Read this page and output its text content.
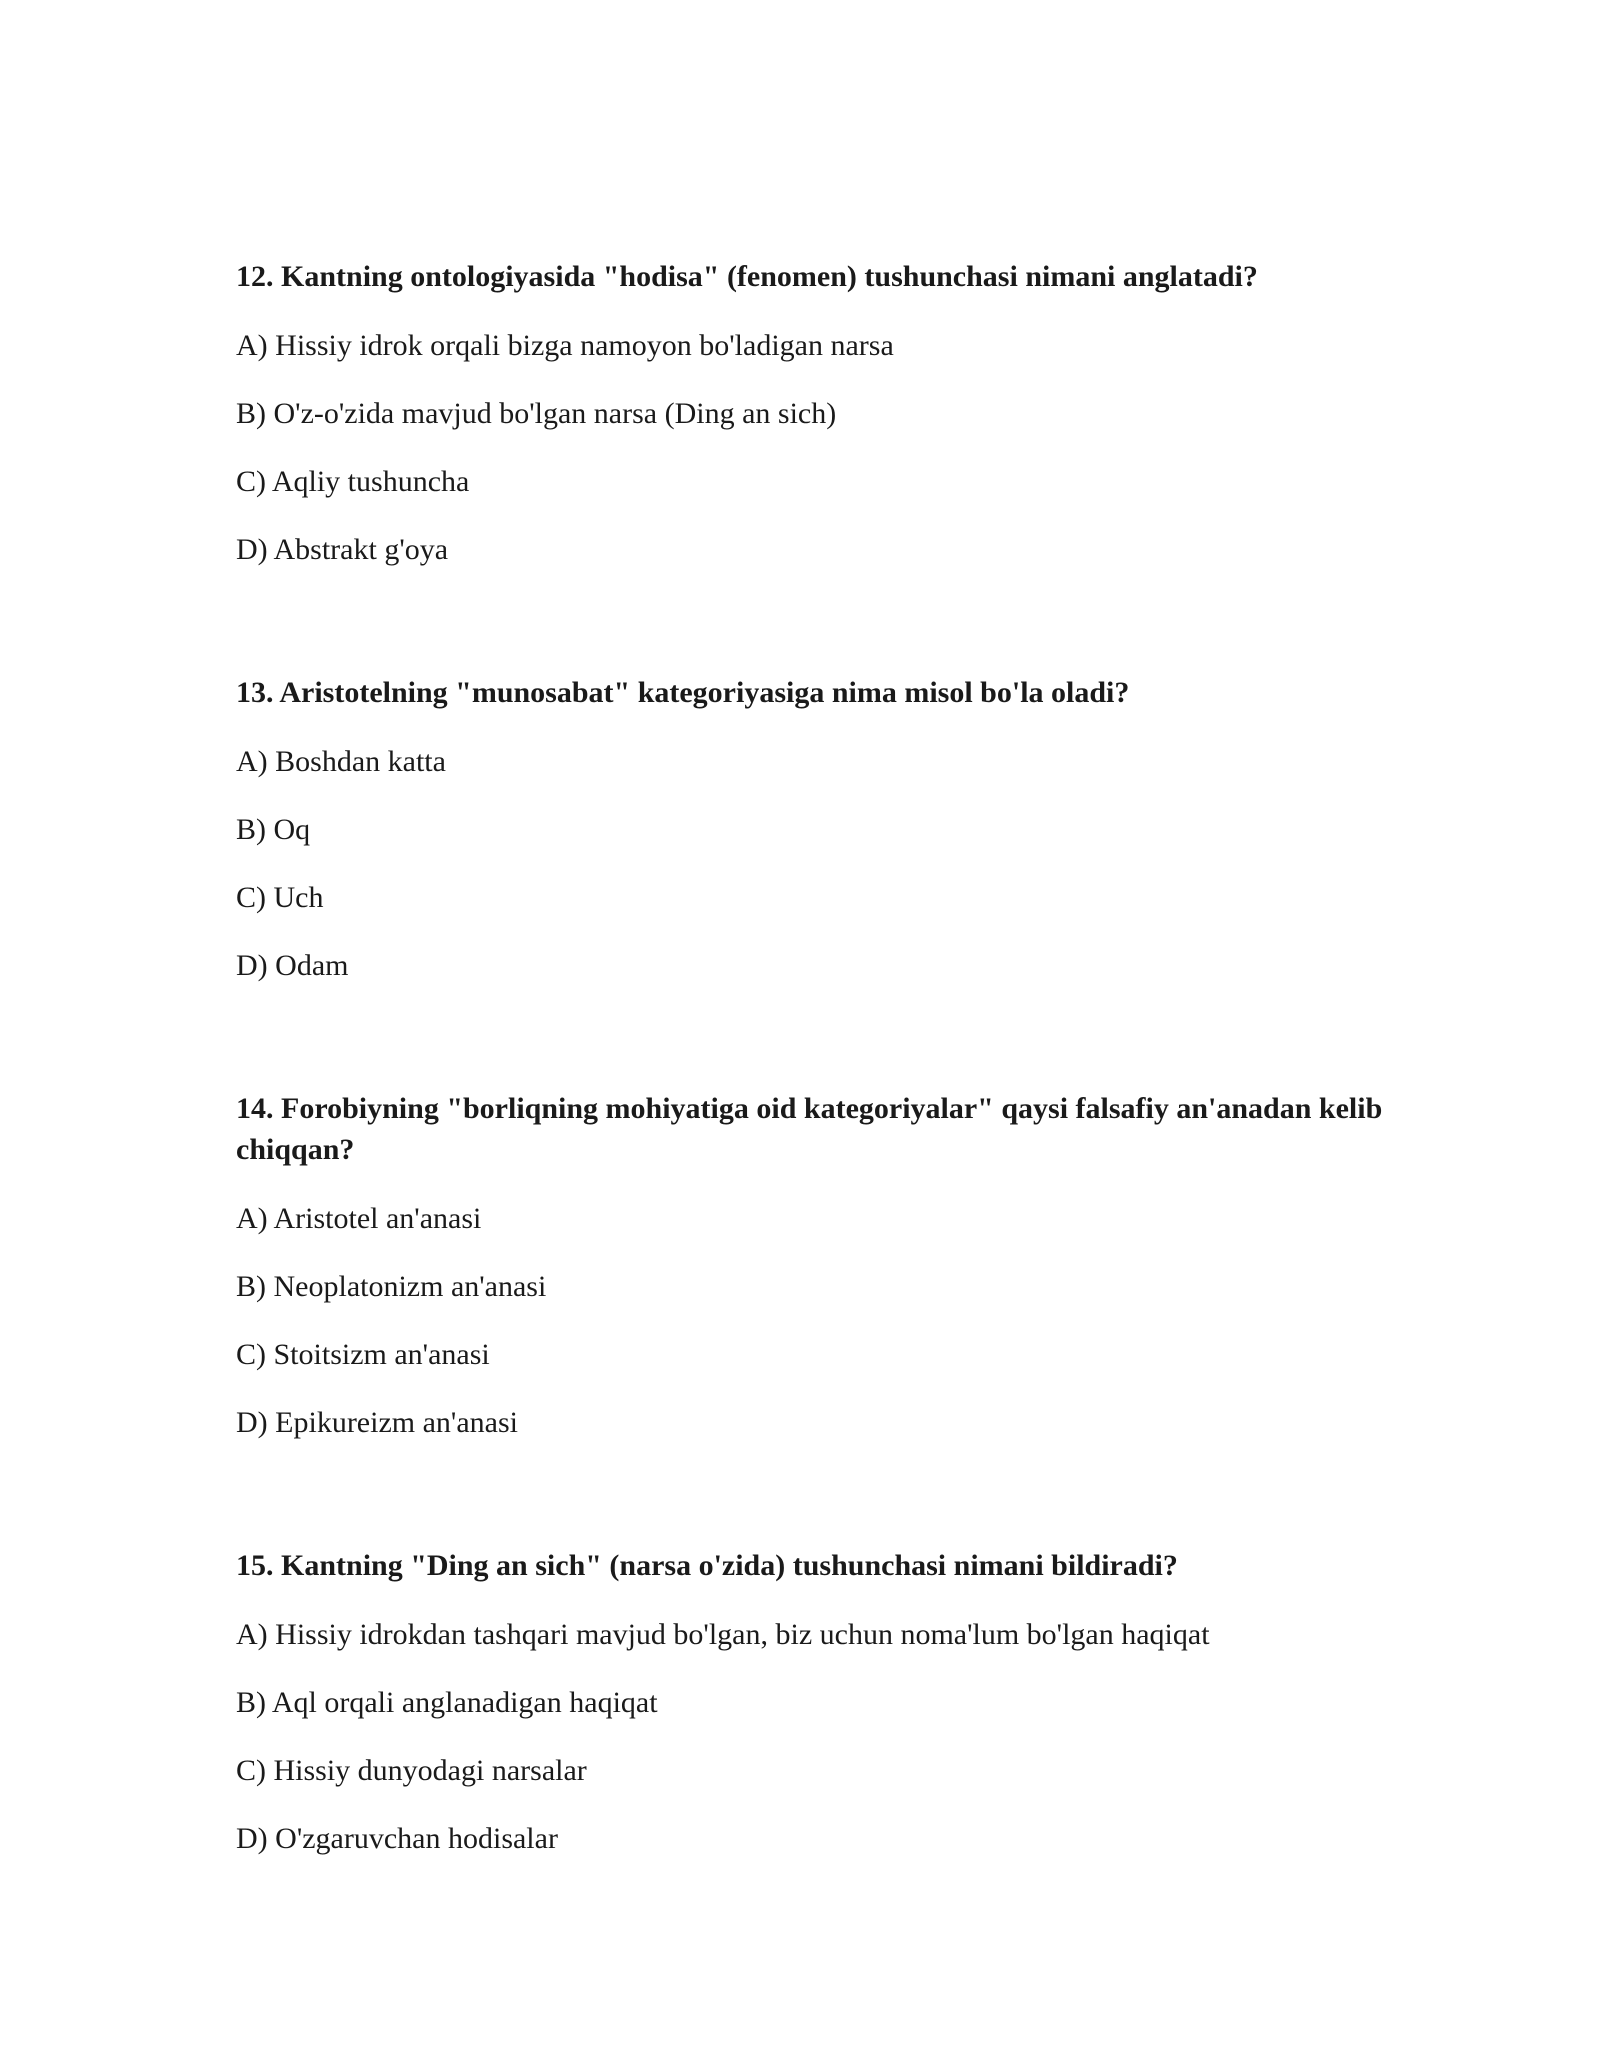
12. Kantning ontologiyasida "hodisa" (fenomen) tushunchasi nimani anglatadi?
A) Hissiy idrok orqali bizga namoyon bo'ladigan narsa
B) O'z-o'zida mavjud bo'lgan narsa (Ding an sich)
C) Aqliy tushuncha
D) Abstrakt g'oya
13. Aristotelning "munosabat" kategoriyasiga nima misol bo'la oladi?
A) Boshdan katta
B) Oq
C) Uch
D) Odam
14. Forobiyning "borliqning mohiyatiga oid kategoriyalar" qaysi falsafiy an'anadan kelib chiqqan?
A) Aristotel an'anasi
B) Neoplatonizm an'anasi
C) Stoitsizm an'anasi
D) Epikureizm an'anasi
15. Kantning "Ding an sich" (narsa o'zida) tushunchasi nimani bildiradi?
A) Hissiy idrokdan tashqari mavjud bo'lgan, biz uchun noma'lum bo'lgan haqiqat
B) Aql orqali anglanadigan haqiqat
C) Hissiy dunyodagi narsalar
D) O'zgaruvchan hodisalar
